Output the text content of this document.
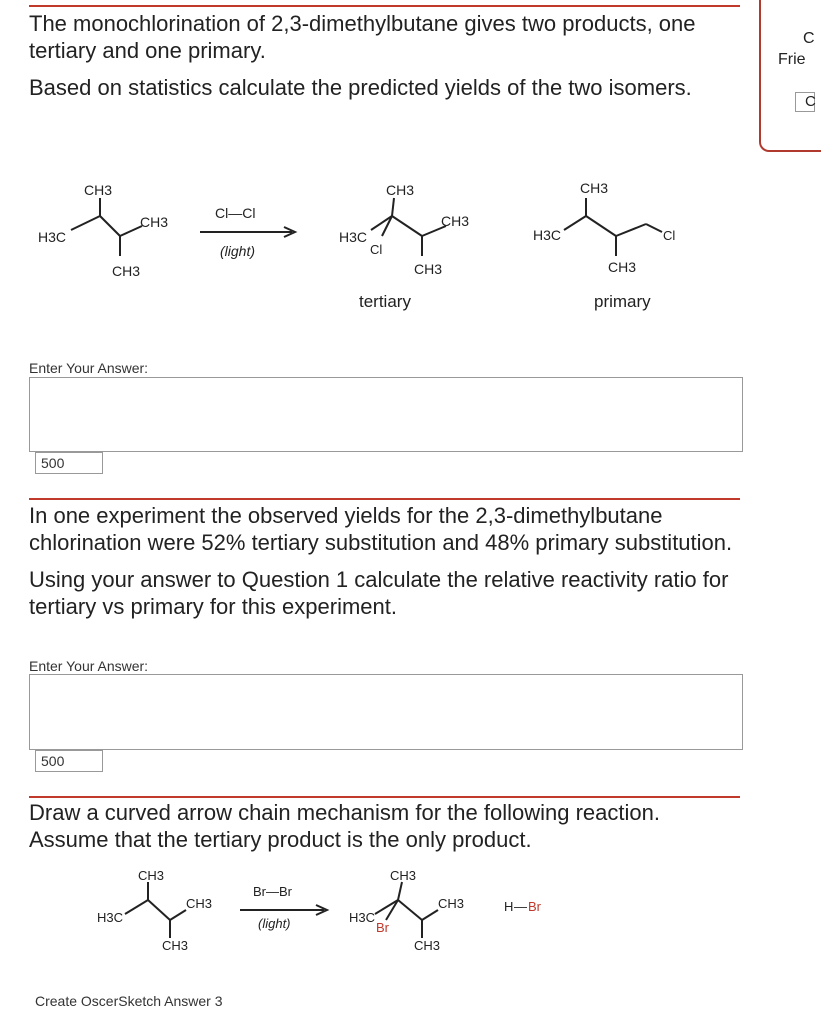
C
Frie
C

The monochlorination of 2,3-dimethylbutane gives two products, one tertiary and one primary.

Based on statistics calculate the predicted yields of the two isomers.

CH3
H3C
CH3
CH3
Cl—Cl
(light)
CH3
H3C
Cl
CH3
CH3
tertiary
CH3
H3C	Cl
CH3
primary
Enter Your Answer:
500

In one experiment the observed yields for the 2,3-dimethylbutane chlorination were 52% tertiary substitution and 48% primary substitution.

Using your answer to Question 1 calculate the relative reactivity ratio for tertiary vs primary for this experiment.

Enter Your Answer:
500

Draw a curved arrow chain mechanism for the following reaction. Assume that the tertiary product is the only product.

CH3
H3C
CH3
CH3
Br—Br
(light)
CH3
H3C
Br
CH3
CH3
H — Br
Create OscerSketch Answer 3
